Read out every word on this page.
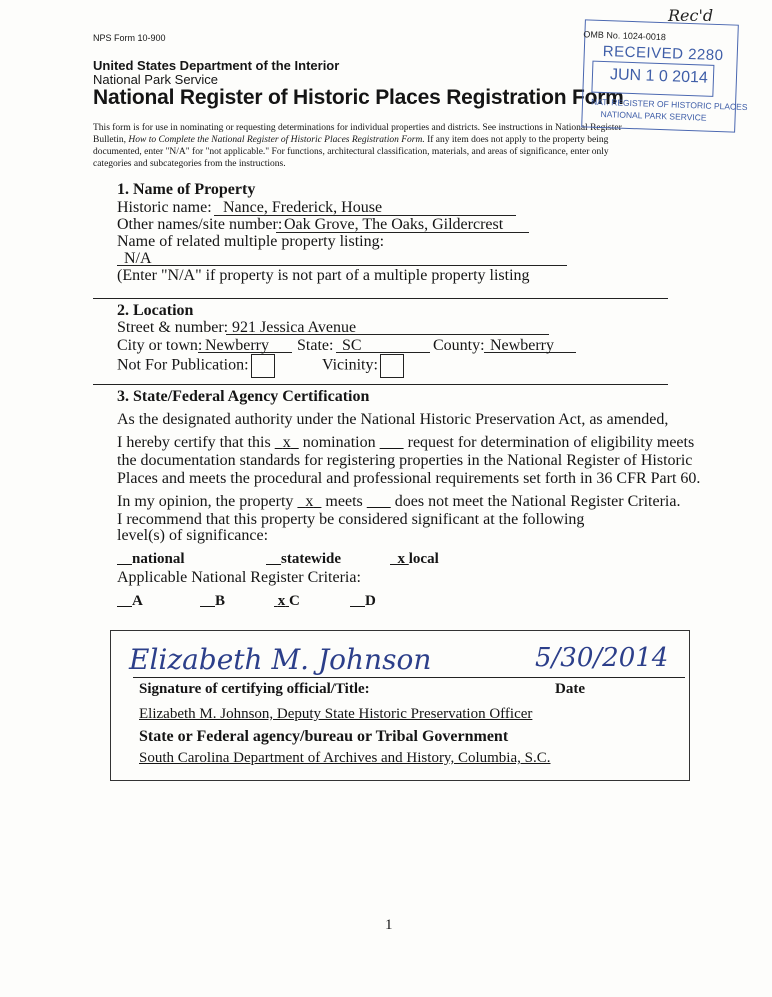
NPS Form 10-900
United States Department of the Interior
National Park Service
National Register of Historic Places Registration Form
This form is for use in nominating or requesting determinations for individual properties and districts. See instructions in National Register
Bulletin, How to Complete the National Register of Historic Places Registration Form. If any item does not apply to the property being
documented, enter "N/A" for "not applicable." For functions, architectural classification, materials, and areas of significance, enter only
categories and subcategories from the instructions.
Rec'd
OMB No. 1024-0018
RECEIVED 2280
JUN 1 0 2014
NAT. REGISTER OF HISTORIC PLACES
NATIONAL PARK SERVICE
1. Name of Property
Historic name: Nance, Frederick, House
Other names/site number: Oak Grove, The Oaks, Gildercrest
Name of related multiple property listing:
N/A
(Enter "N/A" if property is not part of a multiple property listing
2. Location
Street & number: 921 Jessica Avenue
City or town: Newberry State: SC	County: Newberry
Not For Publication:	Vicinity:
3. State/Federal Agency Certification
As the designated authority under the National Historic Preservation Act, as amended,
I hereby certify that this x nomination request for determination of eligibility meets
the documentation standards for registering properties in the National Register of Historic
Places and meets the procedural and professional requirements set forth in 36 CFR Part 60.
In my opinion, the property x meets does not meet the National Register Criteria.
I recommend that this property be considered significant at the following
level(s) of significance:
national	statewide	x local
Applicable National Register Criteria:
A	B	x C	D
Elizabeth M. Johnson	5/30/2014
Signature of certifying official/Title:	Date
Elizabeth M. Johnson, Deputy State Historic Preservation Officer
State or Federal agency/bureau or Tribal Government
South Carolina Department of Archives and History, Columbia, S.C.
1
